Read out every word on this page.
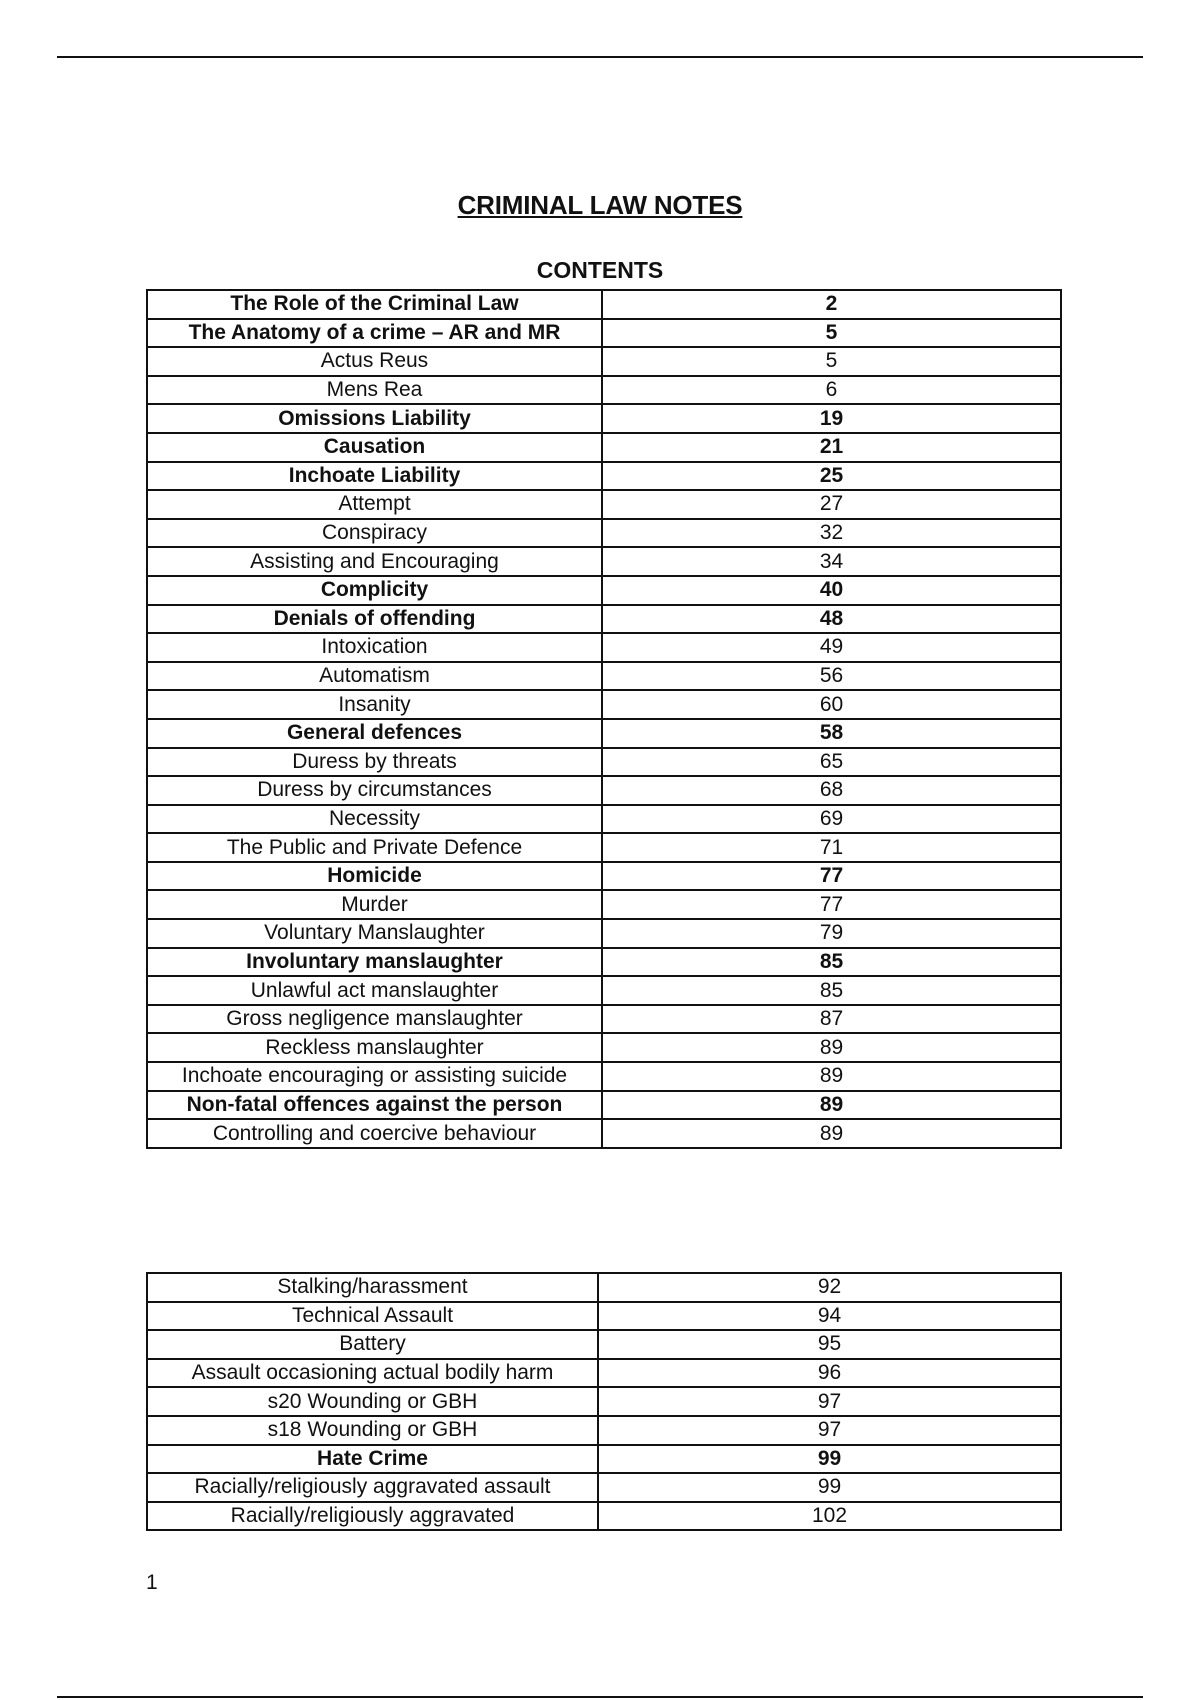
CRIMINAL LAW NOTES
CONTENTS
The Role of the Criminal Law	2
The Anatomy of a crime – AR and MR	5
Actus Reus	5
Mens Rea	6
Omissions Liability	19
Causation	21
Inchoate Liability	25
Attempt	27
Conspiracy	32
Assisting and Encouraging	34
Complicity	40
Denials of offending	48
Intoxication	49
Automatism	56
Insanity	60
General defences	58
Duress by threats	65
Duress by circumstances	68
Necessity	69
The Public and Private Defence	71
Homicide	77
Murder	77
Voluntary Manslaughter	79
Involuntary manslaughter	85
Unlawful act manslaughter	85
Gross negligence manslaughter	87
Reckless manslaughter	89
Inchoate encouraging or assisting suicide	89
Non-fatal offences against the person	89
Controlling and coercive behaviour	89
Stalking/harassment	92
Technical Assault	94
Battery	95
Assault occasioning actual bodily harm	96
s20 Wounding or GBH	97
s18 Wounding or GBH	97
Hate Crime	99
Racially/religiously aggravated assault	99
Racially/religiously aggravated	102
1
